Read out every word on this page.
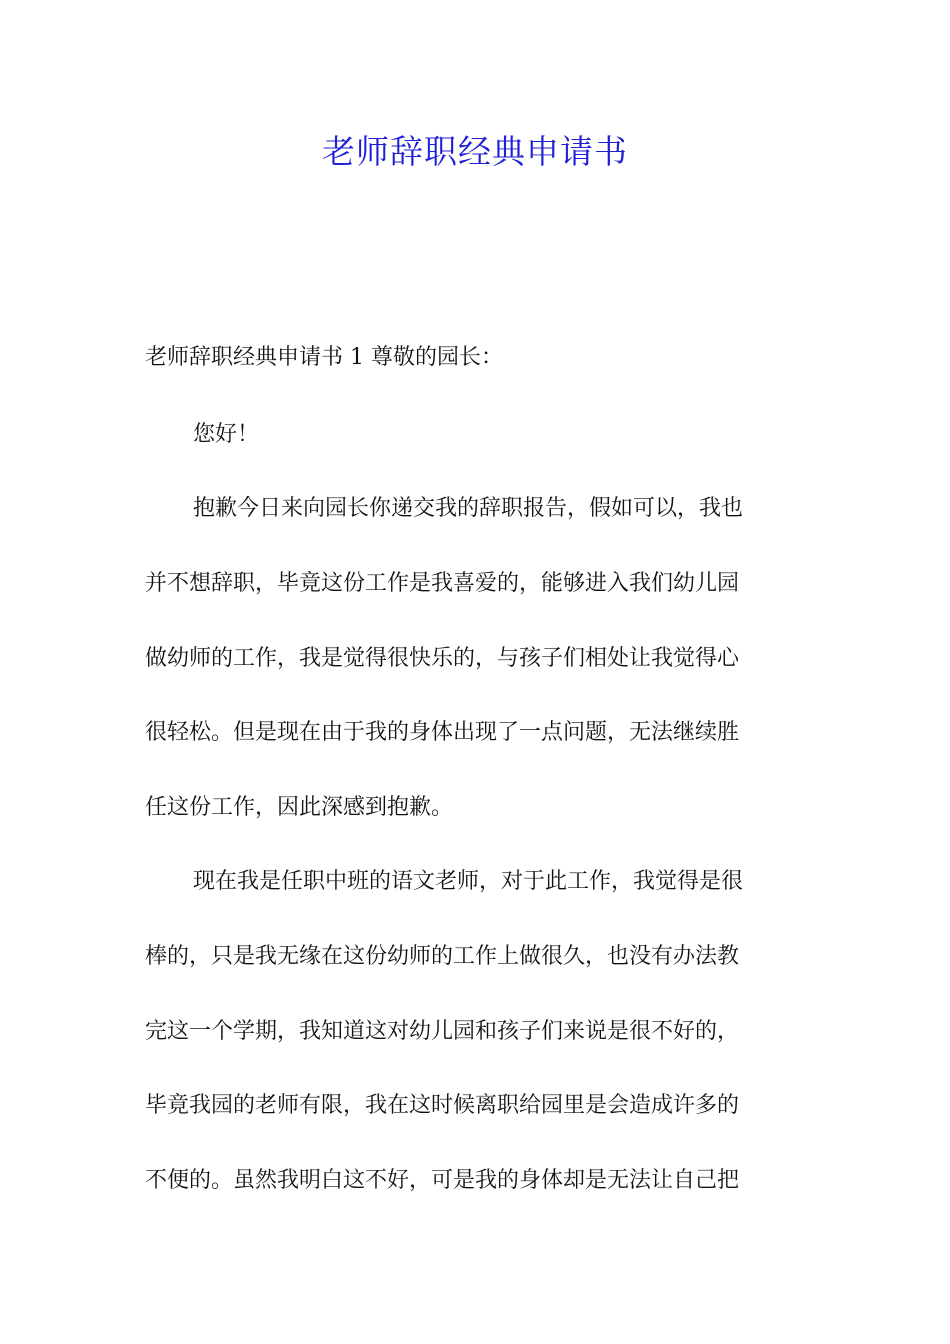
老师辞职经典申请书

老师辞职经典申请书 1 尊敬的园长：

您好！

抱歉今日来向园长你递交我的辞职报告，假如可以，我也

并不想辞职，毕竟这份工作是我喜爱的，能够进入我们幼儿园

做幼师的工作，我是觉得很快乐的，与孩子们相处让我觉得心

很轻松。但是现在由于我的身体出现了一点问题，无法继续胜

任这份工作，因此深感到抱歉。

现在我是任职中班的语文老师，对于此工作，我觉得是很

棒的，只是我无缘在这份幼师的工作上做很久，也没有办法教

完这一个学期，我知道这对幼儿园和孩子们来说是很不好的，

毕竟我园的老师有限，我在这时候离职给园里是会造成许多的

不便的。虽然我明白这不好，可是我的身体却是无法让自己把
